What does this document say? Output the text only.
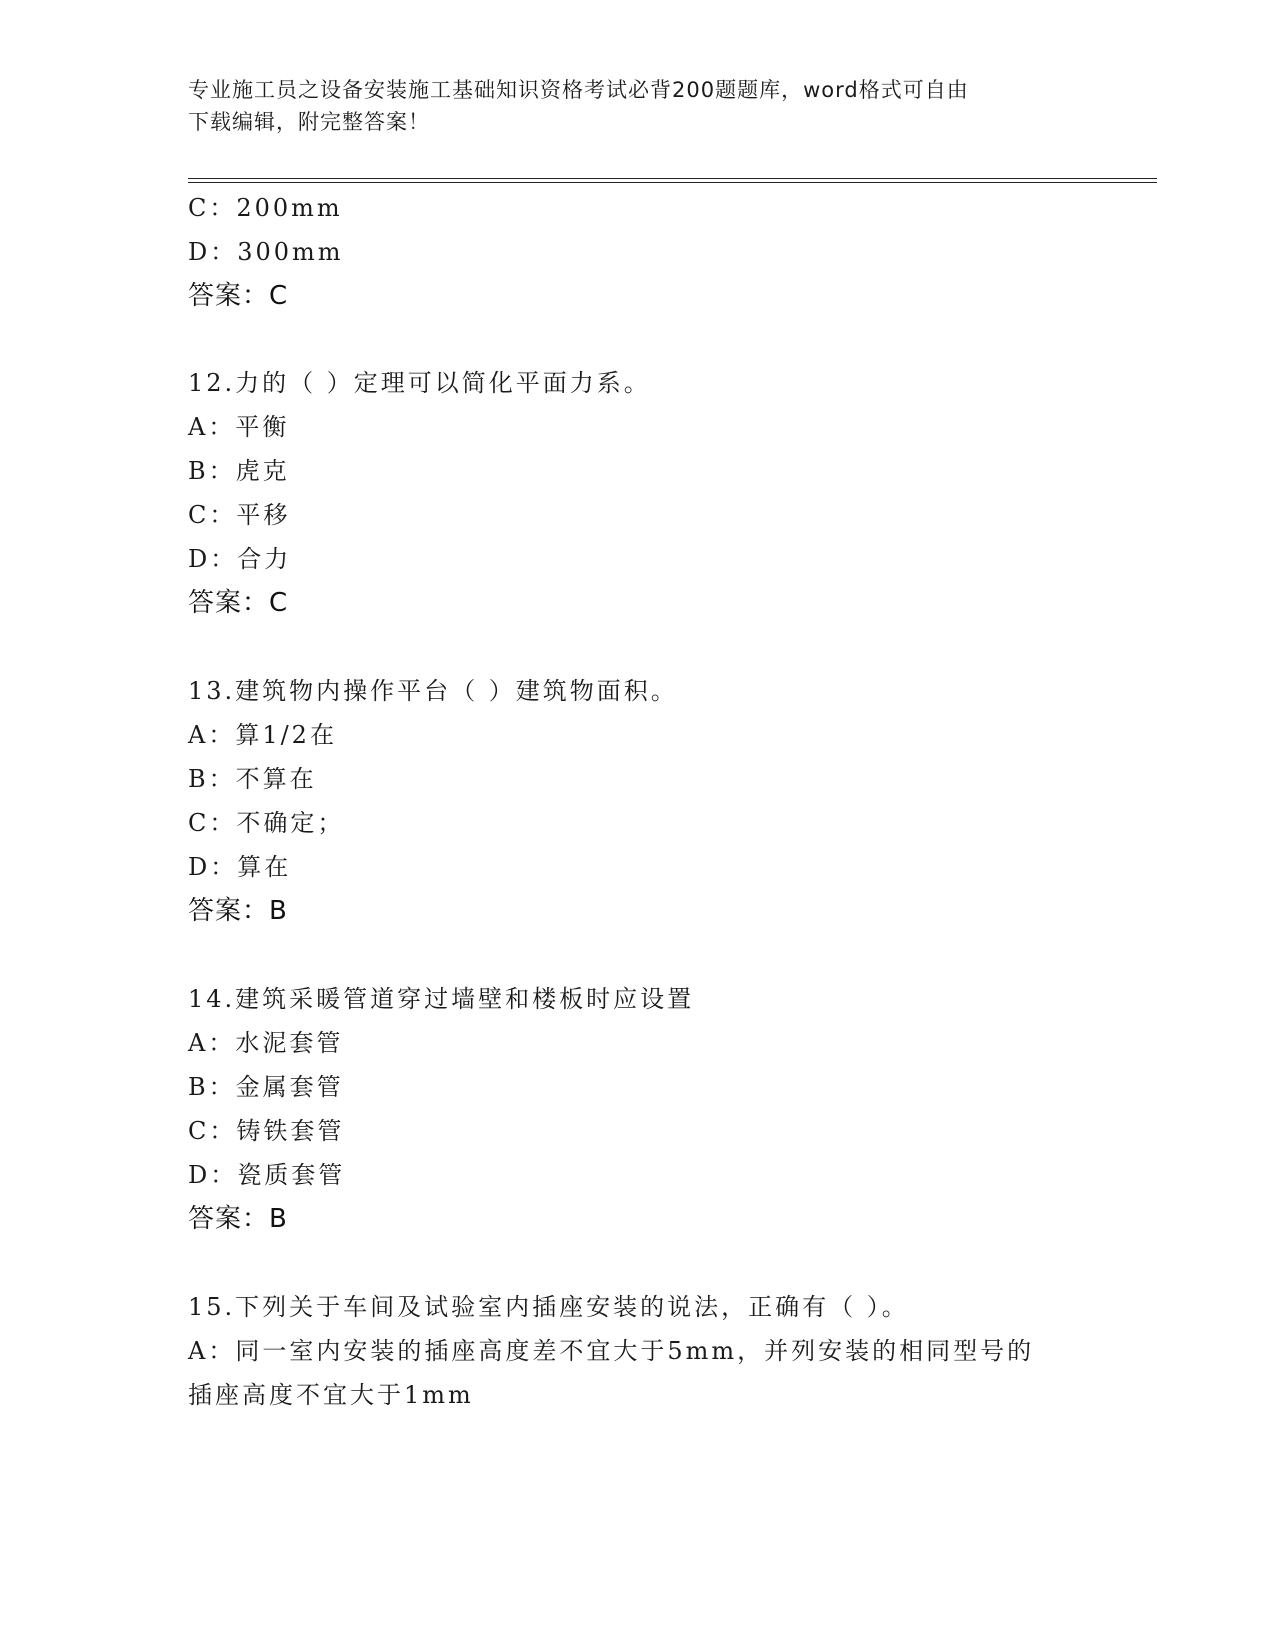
专业施工员之设备安装施工基础知识资格考试必背200题题库，word格式可自由
下载编辑，附完整答案！
C：200mm
D：300mm
答案：C
12.力的（ ）定理可以简化平面力系。
A：平衡
B：虎克
C：平移
D：合力
答案：C
13.建筑物内操作平台（ ）建筑物面积。
A：算1/2在
B：不算在
C：不确定；
D：算在
答案：B
14.建筑采暖管道穿过墙壁和楼板时应设置
A：水泥套管
B：金属套管
C：铸铁套管
D：瓷质套管
答案：B
15.下列关于车间及试验室内插座安装的说法，正确有（ ）。
A：同一室内安装的插座高度差不宜大于5mm，并列安装的相同型号的
插座高度不宜大于1mm
